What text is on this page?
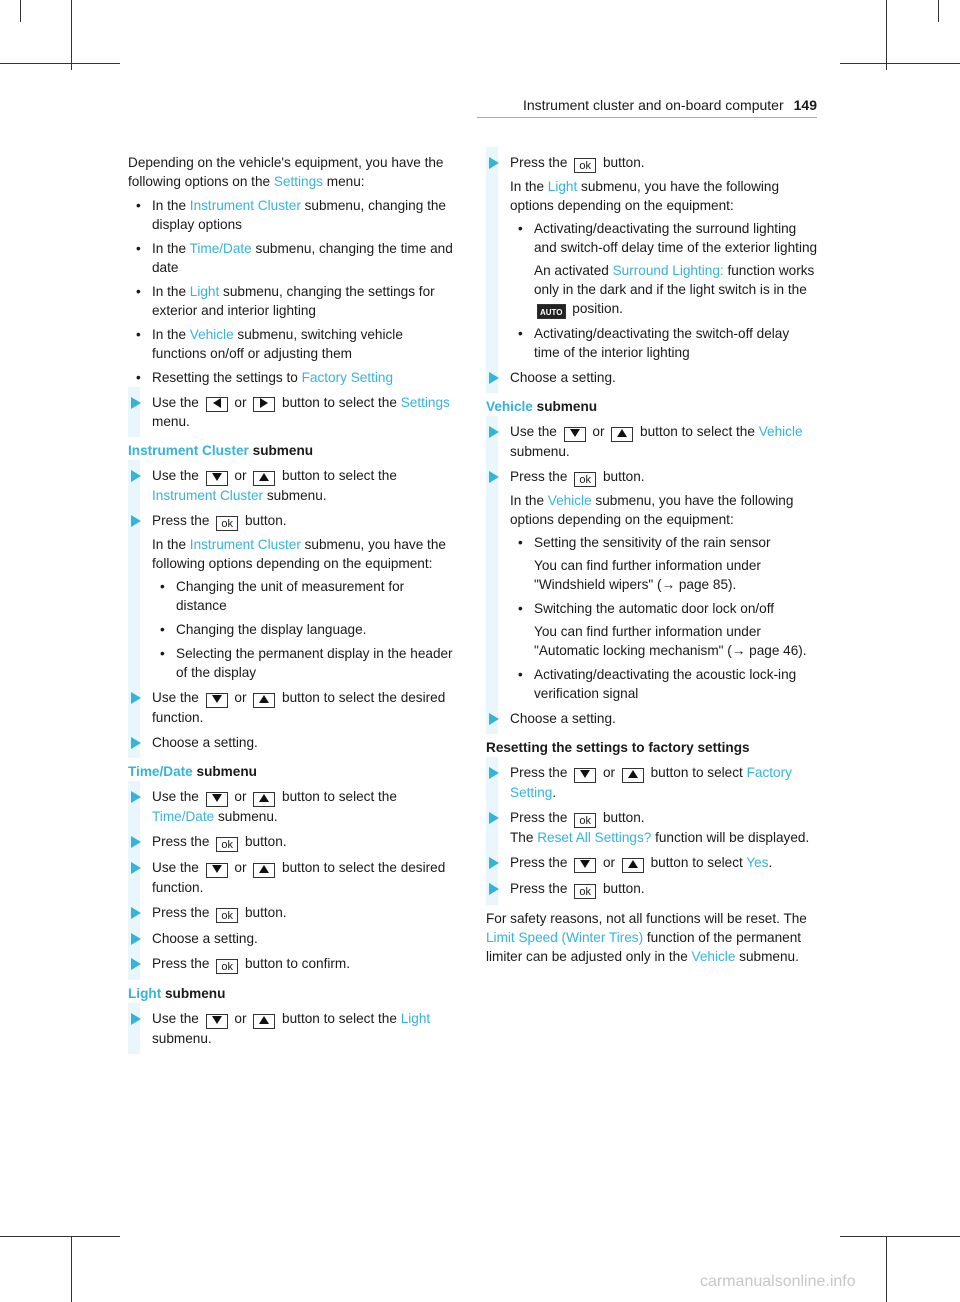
Instrument cluster and on-board computer 149

Depending on the vehicle's equipment, you have the following options on the Settings menu:

• In the Instrument Cluster submenu, changing the display options
• In the Time/Date submenu, changing the time and date
• In the Light submenu, changing the settings for exterior and interior lighting
• In the Vehicle submenu, switching vehicle functions on/off or adjusting them
• Resetting the settings to Factory Setting
Use the  or  button to select the Settings menu.
Instrument Cluster submenu
Use the  or  button to select the Instrument Cluster submenu.
Press the ok button.

In the Instrument Cluster submenu, you have the following options depending on the equipment:

• Changing the unit of measurement for distance
• Changing the display language.
• Selecting the permanent display in the header of the display
Use the  or  button to select the desired function.
Choose a setting.
Time/Date submenu
Use the  or  button to select the Time/Date submenu.
Press the ok button.
Use the  or  button to select the desired function.
Press the ok button.
Choose a setting.
Press the ok button to confirm.
Light submenu
Use the  or  button to select the Light submenu.
Press the ok button.

In the Light submenu, you have the following options depending on the equipment:

• Activating/deactivating the surround lighting and switch-off delay time of the exterior lighting

An activated Surround Lighting: function works only in the dark and if the light switch is in the AUTO position.

• Activating/deactivating the switch-off delay time of the interior lighting
Choose a setting.
Vehicle submenu
Use the  or  button to select the Vehicle submenu.
Press the ok button.

In the Vehicle submenu, you have the following options depending on the equipment:

• Setting the sensitivity of the rain sensor

You can find further information under "Windshield wipers" (→ page 85).

• Switching the automatic door lock on/off

You can find further information under "Automatic locking mechanism" (→ page 46).

• Activating/deactivating the acoustic lock-ing verification signal
Choose a setting.
Resetting the settings to factory settings
Press the  or  button to select Factory Setting.
Press the ok button.
The Reset All Settings? function will be displayed.
Press the  or  button to select Yes.
Press the ok button.

For safety reasons, not all functions will be reset. The Limit Speed (Winter Tires) function of the permanent limiter can be adjusted only in the Vehicle submenu.

carmanualsonline.info
